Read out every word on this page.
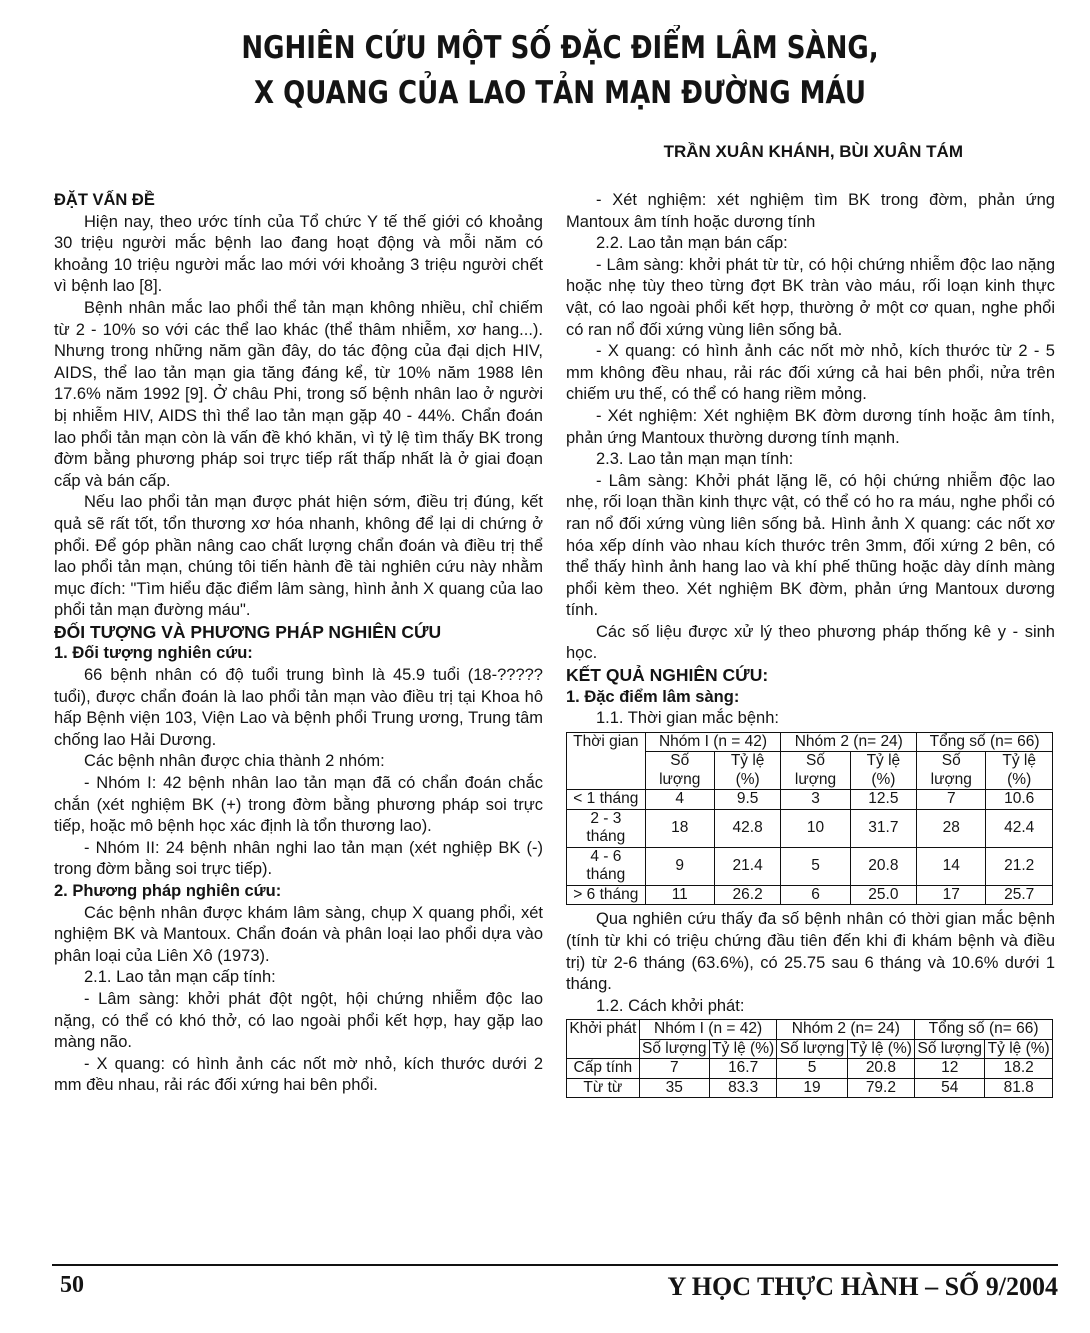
NGHIÊN CỨU MỘT SỐ ĐẶC ĐIỂM LÂM SÀNG,
X QUANG CỦA LAO TẢN MẠN ĐƯỜNG MÁU
TRẦN XUÂN KHÁNH, BÙI XUÂN TÁM

ĐẶT VẤN ĐỀ

Hiện nay, theo ước tính của Tổ chức Y tế thế giới có khoảng 30 triệu người mắc bệnh lao đang hoạt động và mỗi năm có khoảng 10 triệu người mắc lao mới với khoảng 3 triệu người chết vì bệnh lao [8].

Bệnh nhân mắc lao phổi thể tản mạn không nhiều, chỉ chiếm từ 2 - 10% so với các thể lao khác (thể thâm nhiễm, xơ hang...). Nhưng trong những năm gần đây, do tác động của đại dịch HIV, AIDS, thể lao tản mạn gia tăng đáng kể, từ 10% năm 1988 lên 17.6% năm 1992 [9]. Ở châu Phi, trong số bệnh nhân lao ở người bị nhiễm HIV, AIDS thì thể lao tản mạn gặp 40 - 44%. Chẩn đoán lao phổi tản mạn còn là vấn đề khó khăn, vì tỷ lệ tìm thấy BK trong đờm bằng phương pháp soi trực tiếp rất thấp nhất là ở giai đoạn cấp và bán cấp.

Nếu lao phổi tản mạn được phát hiện sớm, điều trị đúng, kết quả sẽ rất tốt, tổn thương xơ hóa nhanh, không để lại di chứng ở phổi. Để góp phần nâng cao chất lượng chẩn đoán và điều trị thể lao phổi tản mạn, chúng tôi tiến hành đề tài nghiên cứu này nhằm mục đích: "Tìm hiểu đặc điểm lâm sàng, hình ảnh X quang của lao phổi tản mạn đường máu".

ĐỐI TƯỢNG VÀ PHƯƠNG PHÁP NGHIÊN CỨU

1. Đối tượng nghiên cứu:

66 bệnh nhân có độ tuổi trung bình là 45.9 tuổi (18-????? tuổi), được chẩn đoán là lao phổi tản mạn vào điều trị tại Khoa hô hấp Bệnh viện 103, Viện Lao và bệnh phổi Trung ương, Trung tâm chống lao Hải Dương.

Các bệnh nhân được chia thành 2 nhóm:

- Nhóm I: 42 bệnh nhân lao tản mạn đã có chẩn đoán chắc chắn (xét nghiệm BK (+) trong đờm bằng phương pháp soi trực tiếp, hoặc mô bệnh học xác định là tổn thương lao).

- Nhóm II: 24 bệnh nhân nghi lao tản mạn (xét nghiệp BK (-) trong đờm bằng soi trực tiếp).

2. Phương pháp nghiên cứu:

Các bệnh nhân được khám lâm sàng, chụp X quang phổi, xét nghiệm BK và Mantoux. Chẩn đoán và phân loại lao phổi dựa vào phân loại của Liên Xô (1973).

2.1. Lao tản mạn cấp tính:

- Lâm sàng: khởi phát đột ngột, hội chứng nhiễm độc lao nặng, có thể có khó thở, có lao ngoài phổi kết hợp, hay gặp lao màng não.

- X quang: có hình ảnh các nốt mờ nhỏ, kích thước dưới 2 mm đều nhau, rải rác đối xứng hai bên phổi.

- Xét nghiệm: xét nghiệm tìm BK trong đờm, phản ứng Mantoux âm tính hoặc dương tính

2.2. Lao tản mạn bán cấp:

- Lâm sàng: khởi phát từ từ, có hội chứng nhiễm độc lao nặng hoặc nhẹ tùy theo từng đợt BK tràn vào máu, rối loạn kinh thực vật, có lao ngoài phổi kết hợp, thường ở một cơ quan, nghe phổi có ran nổ đối xứng vùng liên sống bả.

- X quang: có hình ảnh các nốt mờ nhỏ, kích thước từ 2 - 5 mm không đều nhau, rải rác đối xứng cả hai bên phổi, nửa trên chiếm ưu thế, có thể có hang riềm mỏng.

- Xét nghiệm: Xét nghiệm BK đờm dương tính hoặc âm tính, phản ứng Mantoux thường dương tính mạnh.

2.3. Lao tản mạn mạn tính:

- Lâm sàng: Khởi phát lặng lẽ, có hội chứng nhiễm độc lao nhẹ, rối loạn thần kinh thực vật, có thể có ho ra máu, nghe phổi có ran nổ đối xứng vùng liên sống bả. Hình ảnh X quang: các nốt xơ hóa xếp dính vào nhau kích thước trên 3mm, đối xứng 2 bên, có thể thấy hình ảnh hang lao và khí phế thũng hoặc dày dính màng phổi kèm theo. Xét nghiệm BK đờm, phản ứng Mantoux dương tính.

Các số liệu được xử lý theo phương pháp thống kê y - sinh học.

KẾT QUẢ NGHIÊN CỨU:

1. Đặc điểm lâm sàng:

1.1. Thời gian mắc bệnh:

Thời gian	Nhóm I (n = 42)		Nhóm 2 (n= 24)		Tổng số (n= 66)	
	Số lượng	Tỷ lệ (%)	Số lượng	Tỷ lệ (%)	Số lượng	Tỷ lệ (%)
< 1 tháng	4	9.5	3	12.5	7	10.6
2 - 3 tháng	18	42.8	10	31.7	28	42.4
4 - 6 tháng	9	21.4	5	20.8	14	21.2
> 6 tháng	11	26.2	6	25.0	17	25.7

Qua nghiên cứu thấy đa số bệnh nhân có thời gian mắc bệnh (tính từ khi có triệu chứng đầu tiên đến khi đi khám bệnh và điều trị) từ 2-6 tháng (63.6%), có 25.75 sau 6 tháng và 10.6% dưới 1 tháng.

1.2. Cách khởi phát:

Khởi phát	Nhóm I (n = 42)		Nhóm 2 (n= 24)		Tổng số (n= 66)	
	Số lượng	Tỷ lệ (%)	Số lượng	Tỷ lệ (%)	Số lượng	Tỷ lệ (%)
Cấp tính	7	16.7	5	20.8	12	18.2
Từ từ	35	83.3	19	79.2	54	81.8
50	Y HỌC THỰC HÀNH – SỐ 9/2004
